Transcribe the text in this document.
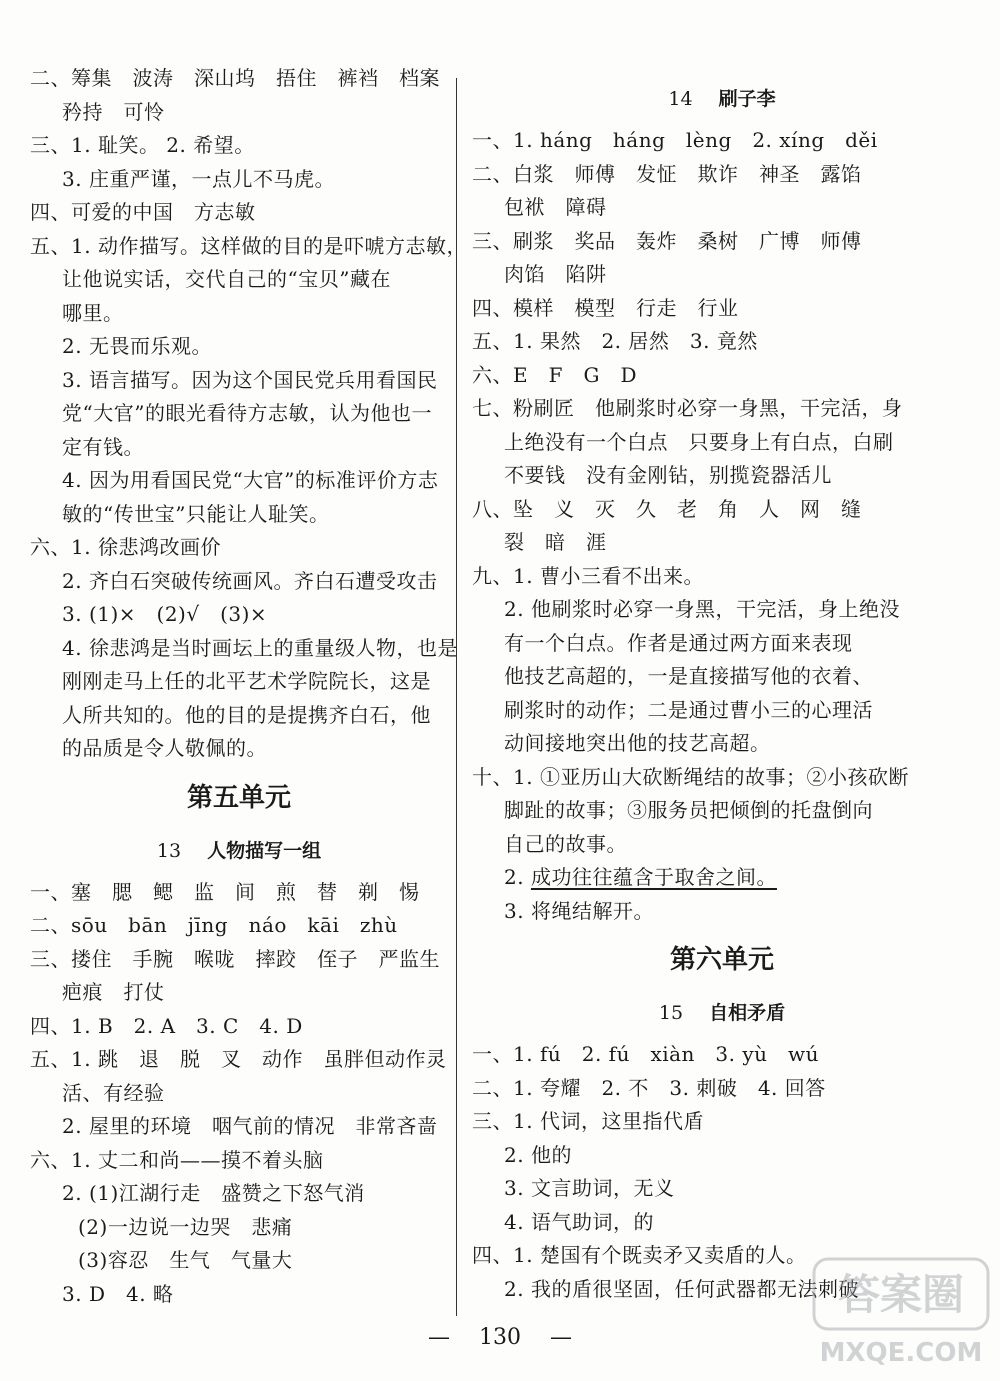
二、筹集　波涛　深山坞　捂住　裤裆　档案
矜持　可怜
三、1. 耻笑。 2. 希望。
3. 庄重严谨，一点儿不马虎。
四、可爱的中国　方志敏
五、1. 动作描写。这样做的目的是吓唬方志敏，
让他说实话，交代自己的“宝贝”藏在
哪里。
2. 无畏而乐观。
3. 语言描写。因为这个国民党兵用看国民
党“大官”的眼光看待方志敏，认为他也一
定有钱。
4. 因为用看国民党“大官”的标准评价方志
敏的“传世宝”只能让人耻笑。
六、1. 徐悲鸿改画价
2. 齐白石突破传统画风。齐白石遭受攻击
3. (1)×　(2)√　(3)×
4. 徐悲鸿是当时画坛上的重量级人物，也是
刚刚走马上任的北平艺术学院院长，这是
人所共知的。他的目的是提携齐白石，他
的品质是令人敬佩的。
第五单元
13 人物描写一组
一、塞　腮　鳃　监　间　煎　替　剃　惕
二、sōu　bān　jīng　náo　kāi　zhù
三、搂住　手腕　喉咙　摔跤　侄子　严监生
疤痕　打仗
四、1. B　2. A　3. C　4. D
五、1. 跳　退　脱　叉　动作　虽胖但动作灵
活、有经验
2. 屋里的环境　咽气前的情况　非常吝啬
六、1. 丈二和尚——摸不着头脑
2. (1)江湖行走　盛赞之下怒气消
(2)一边说一边哭　悲痛
(3)容忍　生气　气量大
3. D　4. 略
14 刷子李
一、1. háng　háng　lèng　2. xíng　děi
二、白浆　师傅　发怔　欺诈　神圣　露馅
包袱　障碍
三、刷浆　奖品　轰炸　桑树　广博　师傅
肉馅　陷阱
四、模样　模型　行走　行业
五、1. 果然　2. 居然　3. 竟然
六、E　F　G　D
七、粉刷匠　他刷浆时必穿一身黑，干完活，身
上绝没有一个白点　只要身上有白点，白刷
不要钱　没有金刚钻，别揽瓷器活儿
八、坠　义　灭　久　老　角　人　网　缝
裂　暗　涯
九、1. 曹小三看不出来。
2. 他刷浆时必穿一身黑，干完活，身上绝没
有一个白点。作者是通过两方面来表现
他技艺高超的，一是直接描写他的衣着、
刷浆时的动作；二是通过曹小三的心理活
动间接地突出他的技艺高超。
十、1. ①亚历山大砍断绳结的故事；②小孩砍断
脚趾的故事；③服务员把倾倒的托盘倒向
自己的故事。
2. 成功往往蕴含于取舍之间。
3. 将绳结解开。
第六单元
15 自相矛盾
一、1. fú　2. fú　xiàn　3. yù　wú
二、1. 夸耀　2. 不　3. 刺破　4. 回答
三、1. 代词，这里指代盾
2. 他的
3. 文言助词，无义
4. 语气助词，的
四、1. 楚国有个既卖矛又卖盾的人。
2. 我的盾很坚固，任何武器都无法刺破
— 130 —
答案圈
MXQE.COM
